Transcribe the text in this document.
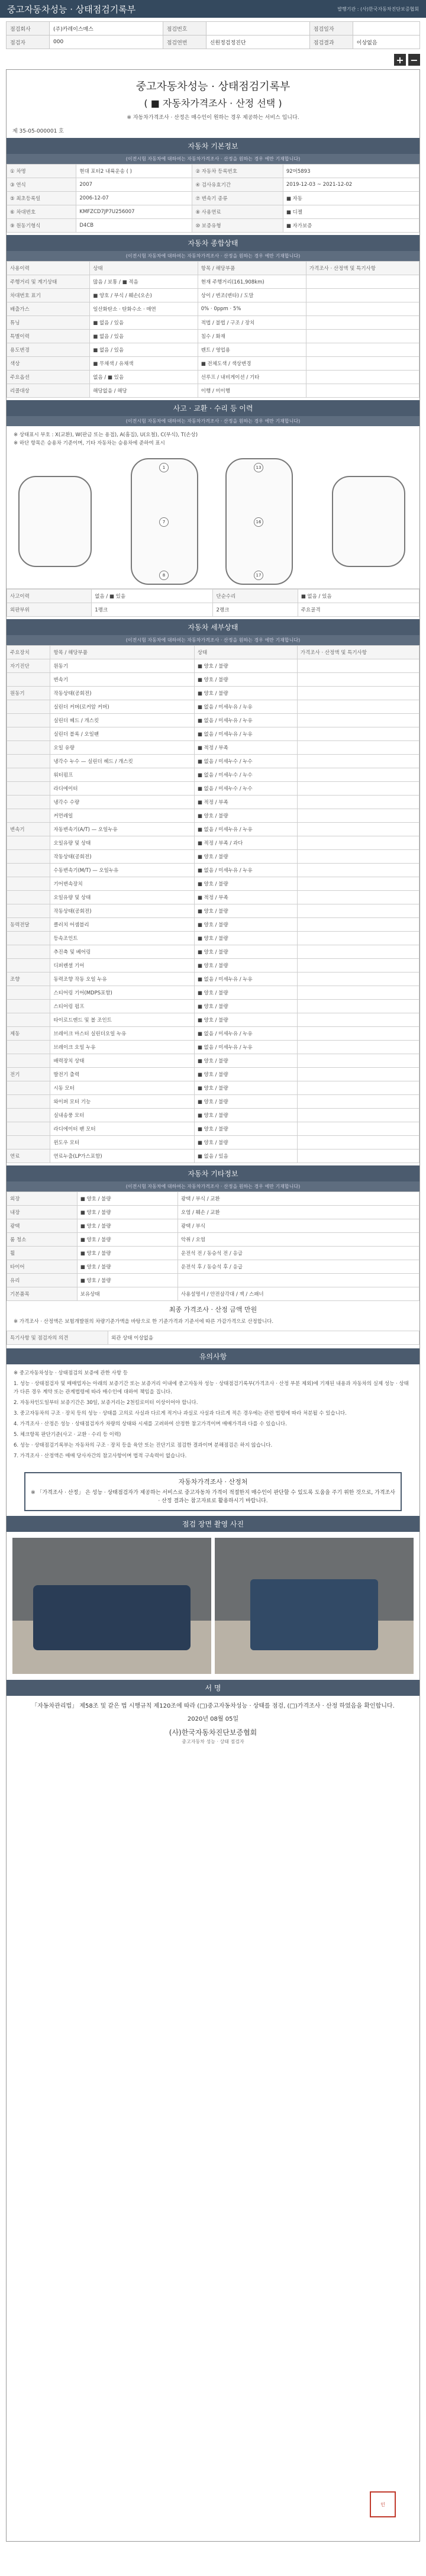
중고자동차성능 · 상태점검기록부	발행기관 : (사)한국자동차진단보증협회
점검회사	(주)카레이스매스	점검번호		점검일자	
점검자	000	점검연번	신원정검정진단	점검결과	이상없음
+ −
중고자동차성능 · 상태점검기록부
( ■ 자동차가격조사 · 산정 선택 )
※ 자동차가격조사 · 산정은 매수인이 원하는 경우 제공하는 서비스 입니다.
제 35-05-000001 호
자동차 기본정보
(이전시험 자동차에 대하여는 자동차가격조사 · 산정을 원하는 경우 에만 기재합니다)
① 차명	현대 포터2 내륙운송 ( )	② 자동차 등록번호	92머5893
③ 연식	2007	④ 검사유효기간	2019-12-03 ~ 2021-12-02
⑤ 최초등록일	2006-12-07	⑦ 변속기 종류	■ 자동
⑥ 차대번호	KMFZCD7JP7U256007	⑧ 사용연료	■ 디젤
⑨ 원동기형식	D4CB	⑩ 보증유형	■ 자가보증
자동차 종합상태
(이전시험 자동차에 대하여는 자동차가격조사 · 산정을 원하는 경우 에만 기재합니다)
사용이력	상태	항목 / 해당부품	가격조사 · 산정액 및 특기사항
주행거리 및 계기상태	많음 / 보통 / ■ 적음	현재 주행거리(161,908km)	
차대번호 표기	■ 양호 / 부식 / 훼손(오손)	상이 / 변조(변타) / 도말	
배출가스	일산화탄소 · 탄화수소 · 매연	0% · 0ppm · 5%	
튜닝	■ 없음 / 있음	적법 / 불법 / 구조 / 장치	
특별이력	■ 없음 / 있음	침수 / 화재	
용도변경	■ 없음 / 있음	렌트 / 영업용	
색상	■ 무채색 / 유채색	■ 전체도색 / 색상변경	
주요옵션	없음 / ■ 있음	선루프 / 내비게이션 / 기타	
리콜대상	해당없음 / 해당	이행 / 미이행	
사고 · 교환 · 수리 등 이력
(이전시험 자동차에 대하여는 자동차가격조사 · 산정을 원하는 경우 에만 기재합니다)
※ 상태표시 부호 : X(교환), W(판금 또는 용접), A(흠집), U(요철), C(부식), T(손상)
※ 하단 항목은 승용차 기준이며, 기타 자동차는 승용차에 준하여 표시
1
7
8
13
16
17
사고이력	없음 / ■ 있음	단순수리	■ 없음 / 있음
외판부위	1랭크	2랭크	주요골격
자동차 세부상태
(이전시험 자동차에 대하여는 자동차가격조사 · 산정을 원하는 경우 에만 기재합니다)
주요장치	항목 / 해당부품	상태	가격조사 · 산정액 및 특기사항
자기진단	원동기	■ 양호 / 불량	
	변속기	■ 양호 / 불량	
원동기	작동상태(공회전)	■ 양호 / 불량	
	실린더 커버(로커암 커버)	■ 없음 / 미세누유 / 누유	
	실린더 헤드 / 개스킷	■ 없음 / 미세누유 / 누유	
	실린더 블록 / 오일팬	■ 없음 / 미세누유 / 누유	
	오일 유량	■ 적정 / 부족	
	냉각수 누수 — 실린더 헤드 / 개스킷	■ 없음 / 미세누수 / 누수	
	워터펌프	■ 없음 / 미세누수 / 누수	
	라디에이터	■ 없음 / 미세누수 / 누수	
	냉각수 수량	■ 적정 / 부족	
	커먼레일	■ 양호 / 불량	
변속기	자동변속기(A/T) — 오일누유	■ 없음 / 미세누유 / 누유	
	오일유량 및 상태	■ 적정 / 부족 / 과다	
	작동상태(공회전)	■ 양호 / 불량	
	수동변속기(M/T) — 오일누유	■ 없음 / 미세누유 / 누유	
	기어변속장치	■ 양호 / 불량	
	오일유량 및 상태	■ 적정 / 부족	
	작동상태(공회전)	■ 양호 / 불량	
동력전달	클러치 어셈블리	■ 양호 / 불량	
	등속조인트	■ 양호 / 불량	
	추진축 및 베어링	■ 양호 / 불량	
	디퍼렌셜 기어	■ 양호 / 불량	
조향	동력조향 작동 오일 누유	■ 없음 / 미세누유 / 누유	
	스티어링 기어(MDPS포함)	■ 양호 / 불량	
	스티어링 펌프	■ 양호 / 불량	
	타이로드엔드 및 볼 조인트	■ 양호 / 불량	
제동	브레이크 마스터 실린더오일 누유	■ 없음 / 미세누유 / 누유	
	브레이크 오일 누유	■ 없음 / 미세누유 / 누유	
	배력장치 상태	■ 양호 / 불량	
전기	발전기 출력	■ 양호 / 불량	
	시동 모터	■ 양호 / 불량	
	와이퍼 모터 기능	■ 양호 / 불량	
	실내송풍 모터	■ 양호 / 불량	
	라디에이터 팬 모터	■ 양호 / 불량	
	윈도우 모터	■ 양호 / 불량	
연료	연료누출(LP가스포함)	■ 없음 / 있음	
자동차 기타정보
(이전시험 자동차에 대하여는 자동차가격조사 · 산정을 원하는 경우 에만 기재합니다)
외장	■ 양호 / 불량	광택 / 부식 / 교환
내장	■ 양호 / 불량	오염 / 훼손 / 교환
광택	■ 양호 / 불량	광택 / 부식
룸 청소	■ 양호 / 불량	악취 / 오염
휠	■ 양호 / 불량	운전석 전 / 동승석 전 / 응급
타이어	■ 양호 / 불량	운전석 후 / 동승석 후 / 응급
유리	■ 양호 / 불량	
기본품목	보유상태	사용설명서 / 안전삼각대 / 잭 / 스패너
최종 가격조사 · 산정 금액 만원
※ 가격조사 · 산정액은 보험개발원의 차량기준가액을 바탕으로 한 기준가격과 기준서에 따른 가감가격으로 산정합니다.
특기사항 및 점검자의 의견	외관 상태 이상없음
유의사항
※ 중고자동차성능 · 상태점검의 보증에 관한 사항 등
1. 성능 · 상태점검자 및 매매업자는 아래의 보증기간 또는 보증거리 이내에 중고자동차 성능 · 상태점검기록부(가격조사 · 산정 부분 제외)에 기재된 내용과 자동차의 실제 성능 · 상태가 다른 경우 계약 또는 관계법령에 따라 매수인에 대하여 책임을 집니다.
2. 자동차인도일부터 보증기간은 30일, 보증거리는 2천킬로미터 이상이어야 합니다.
3. 중고자동차의 구조 · 장치 등의 성능 · 상태를 고의로 사실과 다르게 적거나 과실로 사실과 다르게 적은 경우에는 관련 법령에 따라 처분될 수 있습니다.
4. 가격조사 · 산정은 성능 · 상태점검자가 차량의 상태와 시세를 고려하여 산정한 참고가격이며 매매가격과 다를 수 있습니다.
5. 체크항목 판단기준(사고 · 교환 · 수리 등 이력)
6. 성능 · 상태점검기록부는 자동차의 구조 · 장치 등을 육안 또는 진단기로 점검한 결과이며 분해점검은 하지 않습니다.
7. 가격조사 · 산정액은 매매 당사자간의 참고사항이며 법적 구속력이 없습니다.
자동차가격조사 · 산정처
※ 「가격조사 · 산정」 은 성능 · 상태점검자가 제공하는 서비스로 중고자동차 가격이 적절한지 매수인이 판단할 수 있도록 도움을 주기 위한 것으로, 가격조사 · 산정 결과는 참고자료로 활용하시기 바랍니다.
점검 장면 촬영 사진
서 명
「자동차관리법」 제58조 및 같은 법 시행규칙 제120조에 따라 (□)중고자동차성능 · 상태를 점검, (□)가격조사 · 산정 하였음을 확인합니다.
2020년 08월 05일
(사)한국자동차진단보증협회
중고자동차 성능 · 상태 점검자
인
